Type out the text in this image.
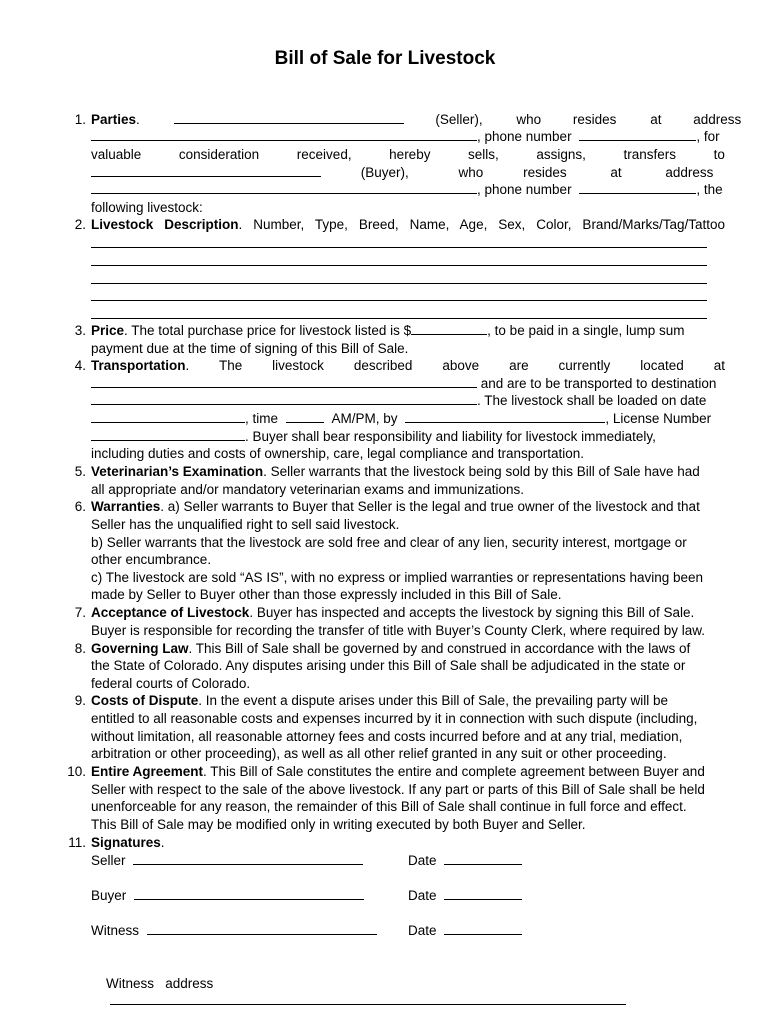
Bill of Sale for Livestock
1. Parties.	(Seller),	who resides	at address
, phone number	, for
valuable	consideration	received,	hereby	sells,	assigns,	transfers	to
(Buyer),	who	resides	at	address
, phone number	, the
following livestock:
2. Livestock Description. Number, Type, Breed, Name, Age, Sex, Color, Brand/Marks/Tag/Tattoo
3. Price. The total purchase price for livestock listed is $	, to be paid in a single, lump sum
payment due at the time of signing of this Bill of Sale.
4. Transportation. The livestock described above are currently located at
and are to be transported to destination
. The livestock shall be loaded on date
, time	AM/PM, by	, License Number
. Buyer shall bear responsibility and liability for livestock immediately,
including duties and costs of ownership, care, legal compliance and transportation.
5. Veterinarian’s Examination. Seller warrants that the livestock being sold by this Bill of Sale have had
all appropriate and/or mandatory veterinarian exams and immunizations.
6. Warranties. a) Seller warrants to Buyer that Seller is the legal and true owner of the livestock and that
Seller has the unqualified right to sell said livestock.
b) Seller warrants that the livestock are sold free and clear of any lien, security interest, mortgage or
other encumbrance.
c) The livestock are sold “AS IS”, with no express or implied warranties or representations having been
made by Seller to Buyer other than those expressly included in this Bill of Sale.
7. Acceptance of Livestock. Buyer has inspected and accepts the livestock by signing this Bill of Sale.
Buyer is responsible for recording the transfer of title with Buyer’s County Clerk, where required by law.
8. Governing Law. This Bill of Sale shall be governed by and construed in accordance with the laws of
the State of Colorado. Any disputes arising under this Bill of Sale shall be adjudicated in the state or
federal courts of Colorado.
9. Costs of Dispute. In the event a dispute arises under this Bill of Sale, the prevailing party will be
entitled to all reasonable costs and expenses incurred by it in connection with such dispute (including,
without limitation, all reasonable attorney fees and costs incurred before and at any trial, mediation,
arbitration or other proceeding), as well as all other relief granted in any suit or other proceeding.
10. Entire Agreement. This Bill of Sale constitutes the entire and complete agreement between Buyer and
Seller with respect to the sale of the above livestock. If any part or parts of this Bill of Sale shall be held
unenforceable for any reason, the remainder of this Bill of Sale shall continue in full force and effect.
This Bill of Sale may be modified only in writing executed by both Buyer and Seller.
11. Signatures.
Seller	Date
Buyer	Date
Witness	Date

Witness   address
